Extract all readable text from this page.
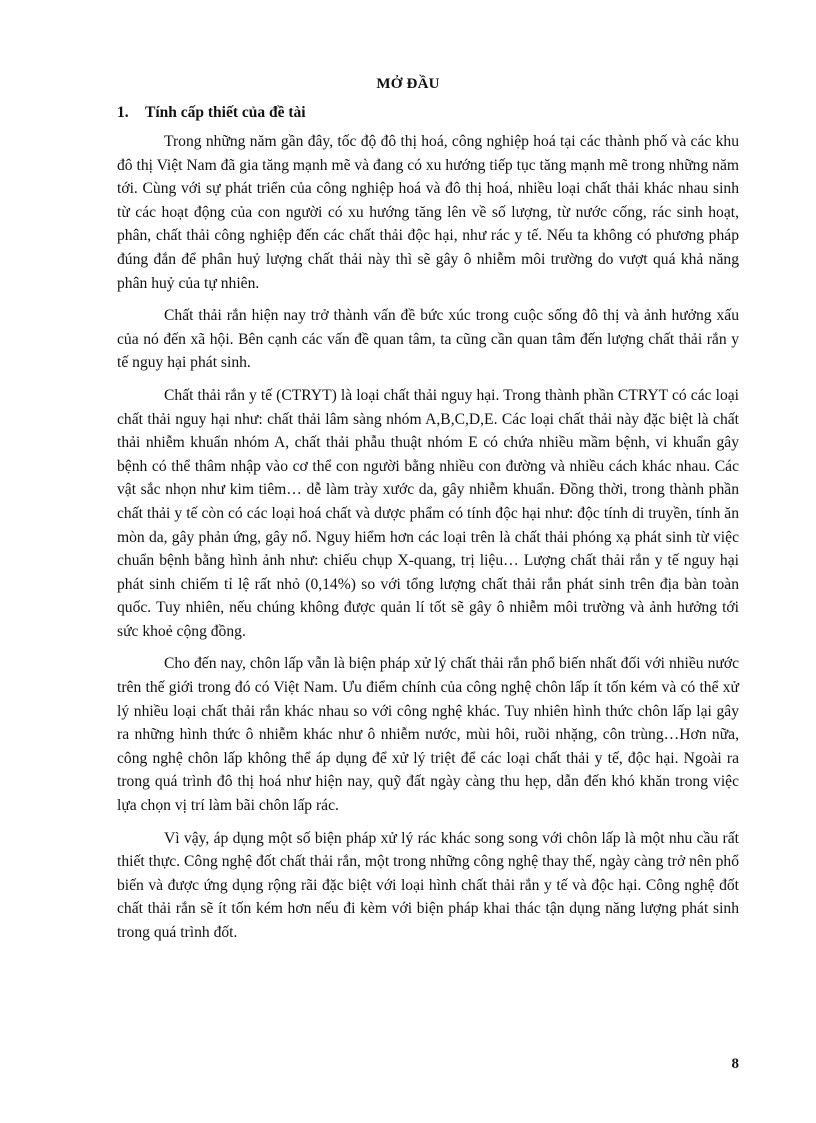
MỞ ĐẦU
1. Tính cấp thiết của đề tài

Trong những năm gần đây, tốc độ đô thị hoá, công nghiệp hoá tại các thành phố và các khu đô thị Việt Nam đã gia tăng mạnh mẽ và đang có xu hướng tiếp tục tăng mạnh mẽ trong những năm tới. Cùng với sự phát triển của công nghiệp hoá và đô thị hoá, nhiều loại chất thải khác nhau sinh từ các hoạt động của con người có xu hướng tăng lên về số lượng, từ nước cống, rác sinh hoạt, phân, chất thải công nghiệp đến các chất thải độc hại, như rác y tế. Nếu ta không có phương pháp đúng đắn để phân huỷ lượng chất thải này thì sẽ gây ô nhiễm môi trường do vượt quá khả năng phân huỷ của tự nhiên.

Chất thải rắn hiện nay trở thành vấn đề bức xúc trong cuộc sống đô thị và ảnh hưởng xấu của nó đến xã hội. Bên cạnh các vấn đề quan tâm, ta cũng cần quan tâm đến lượng chất thải rắn y tế nguy hại phát sinh.

Chất thải rắn y tế (CTRYT) là loại chất thải nguy hại. Trong thành phần CTRYT có các loại chất thải nguy hại như: chất thải lâm sàng nhóm A,B,C,D,E. Các loại chất thải này đặc biệt là chất thải nhiễm khuẩn nhóm A, chất thải phẫu thuật nhóm E có chứa nhiều mầm bệnh, vi khuẩn gây bệnh có thể thâm nhập vào cơ thể con người bằng nhiều con đường và nhiều cách khác nhau. Các vật sắc nhọn như kim tiêm… dễ làm trày xước da, gây nhiễm khuẩn. Đồng thời, trong thành phần chất thải y tế còn có các loại hoá chất và dược phẩm có tính độc hại như: độc tính di truyền, tính ăn mòn da, gây phản ứng, gây nổ. Nguy hiểm hơn các loại trên là chất thải phóng xạ phát sinh từ việc chuẩn bệnh bằng hình ảnh như: chiếu chụp X-quang, trị liệu… Lượng chất thải rắn y tế nguy hại phát sinh chiếm tỉ lệ rất nhỏ (0,14%) so với tổng lượng chất thải rắn phát sinh trên địa bàn toàn quốc. Tuy nhiên, nếu chúng không được quản lí tốt sẽ gây ô nhiễm môi trường và ảnh hưởng tới sức khoẻ cộng đồng.

Cho đến nay, chôn lấp vẫn là biện pháp xử lý chất thải rắn phổ biến nhất đối với nhiều nước trên thế giới trong đó có Việt Nam. Ưu điểm chính của công nghệ chôn lấp ít tốn kém và có thể xử lý nhiều loại chất thải rắn khác nhau so với công nghệ khác. Tuy nhiên hình thức chôn lấp lại gây ra những hình thức ô nhiễm khác như ô nhiễm nước, mùi hôi, ruồi nhặng, côn trùng…Hơn nữa, công nghệ chôn lấp không thể áp dụng để xử lý triệt để các loại chất thải y tế, độc hại. Ngoài ra trong quá trình đô thị hoá như hiện nay, quỹ đất ngày càng thu hẹp, dẫn đến khó khăn trong việc lựa chọn vị trí làm bãi chôn lấp rác.

Vì vậy, áp dụng một số biện pháp xử lý rác khác song song với chôn lấp là một nhu cầu rất thiết thực. Công nghệ đốt chất thải rắn, một trong những công nghệ thay thế, ngày càng trở nên phổ biến và được ứng dụng rộng rãi đặc biệt với loại hình chất thải rắn y tế và độc hại. Công nghệ đốt chất thải rắn sẽ ít tốn kém hơn nếu đi kèm với biện pháp khai thác tận dụng năng lượng phát sinh trong quá trình đốt.

8
